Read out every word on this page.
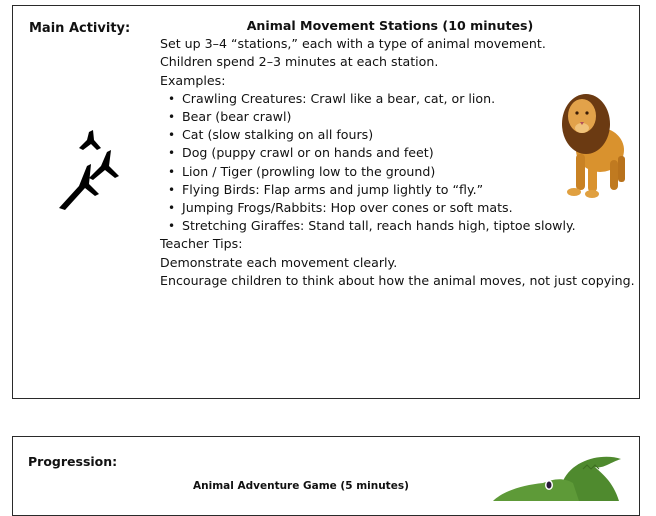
Main Activity:	Animal Movement Stations (10 minutes)
Set up 3–4 “stations,” each with a type of animal movement.
Children spend 2–3 minutes at each station.
Examples:
• Crawling Creatures: Crawl like a bear, cat, or lion.
• Bear (bear crawl)
• Cat (slow stalking on all fours)
• Dog (puppy crawl or on hands and feet)
• Lion / Tiger (prowling low to the ground)
• Flying Birds: Flap arms and jump lightly to “fly.”
• Jumping Frogs/Rabbits: Hop over cones or soft mats.
• Stretching Giraffes: Stand tall, reach hands high, tiptoe slowly.
Teacher Tips:
Demonstrate each movement clearly.
Encourage children to think about how the animal moves, not just copying.
Progression:
Animal Adventure Game (5 minutes)
